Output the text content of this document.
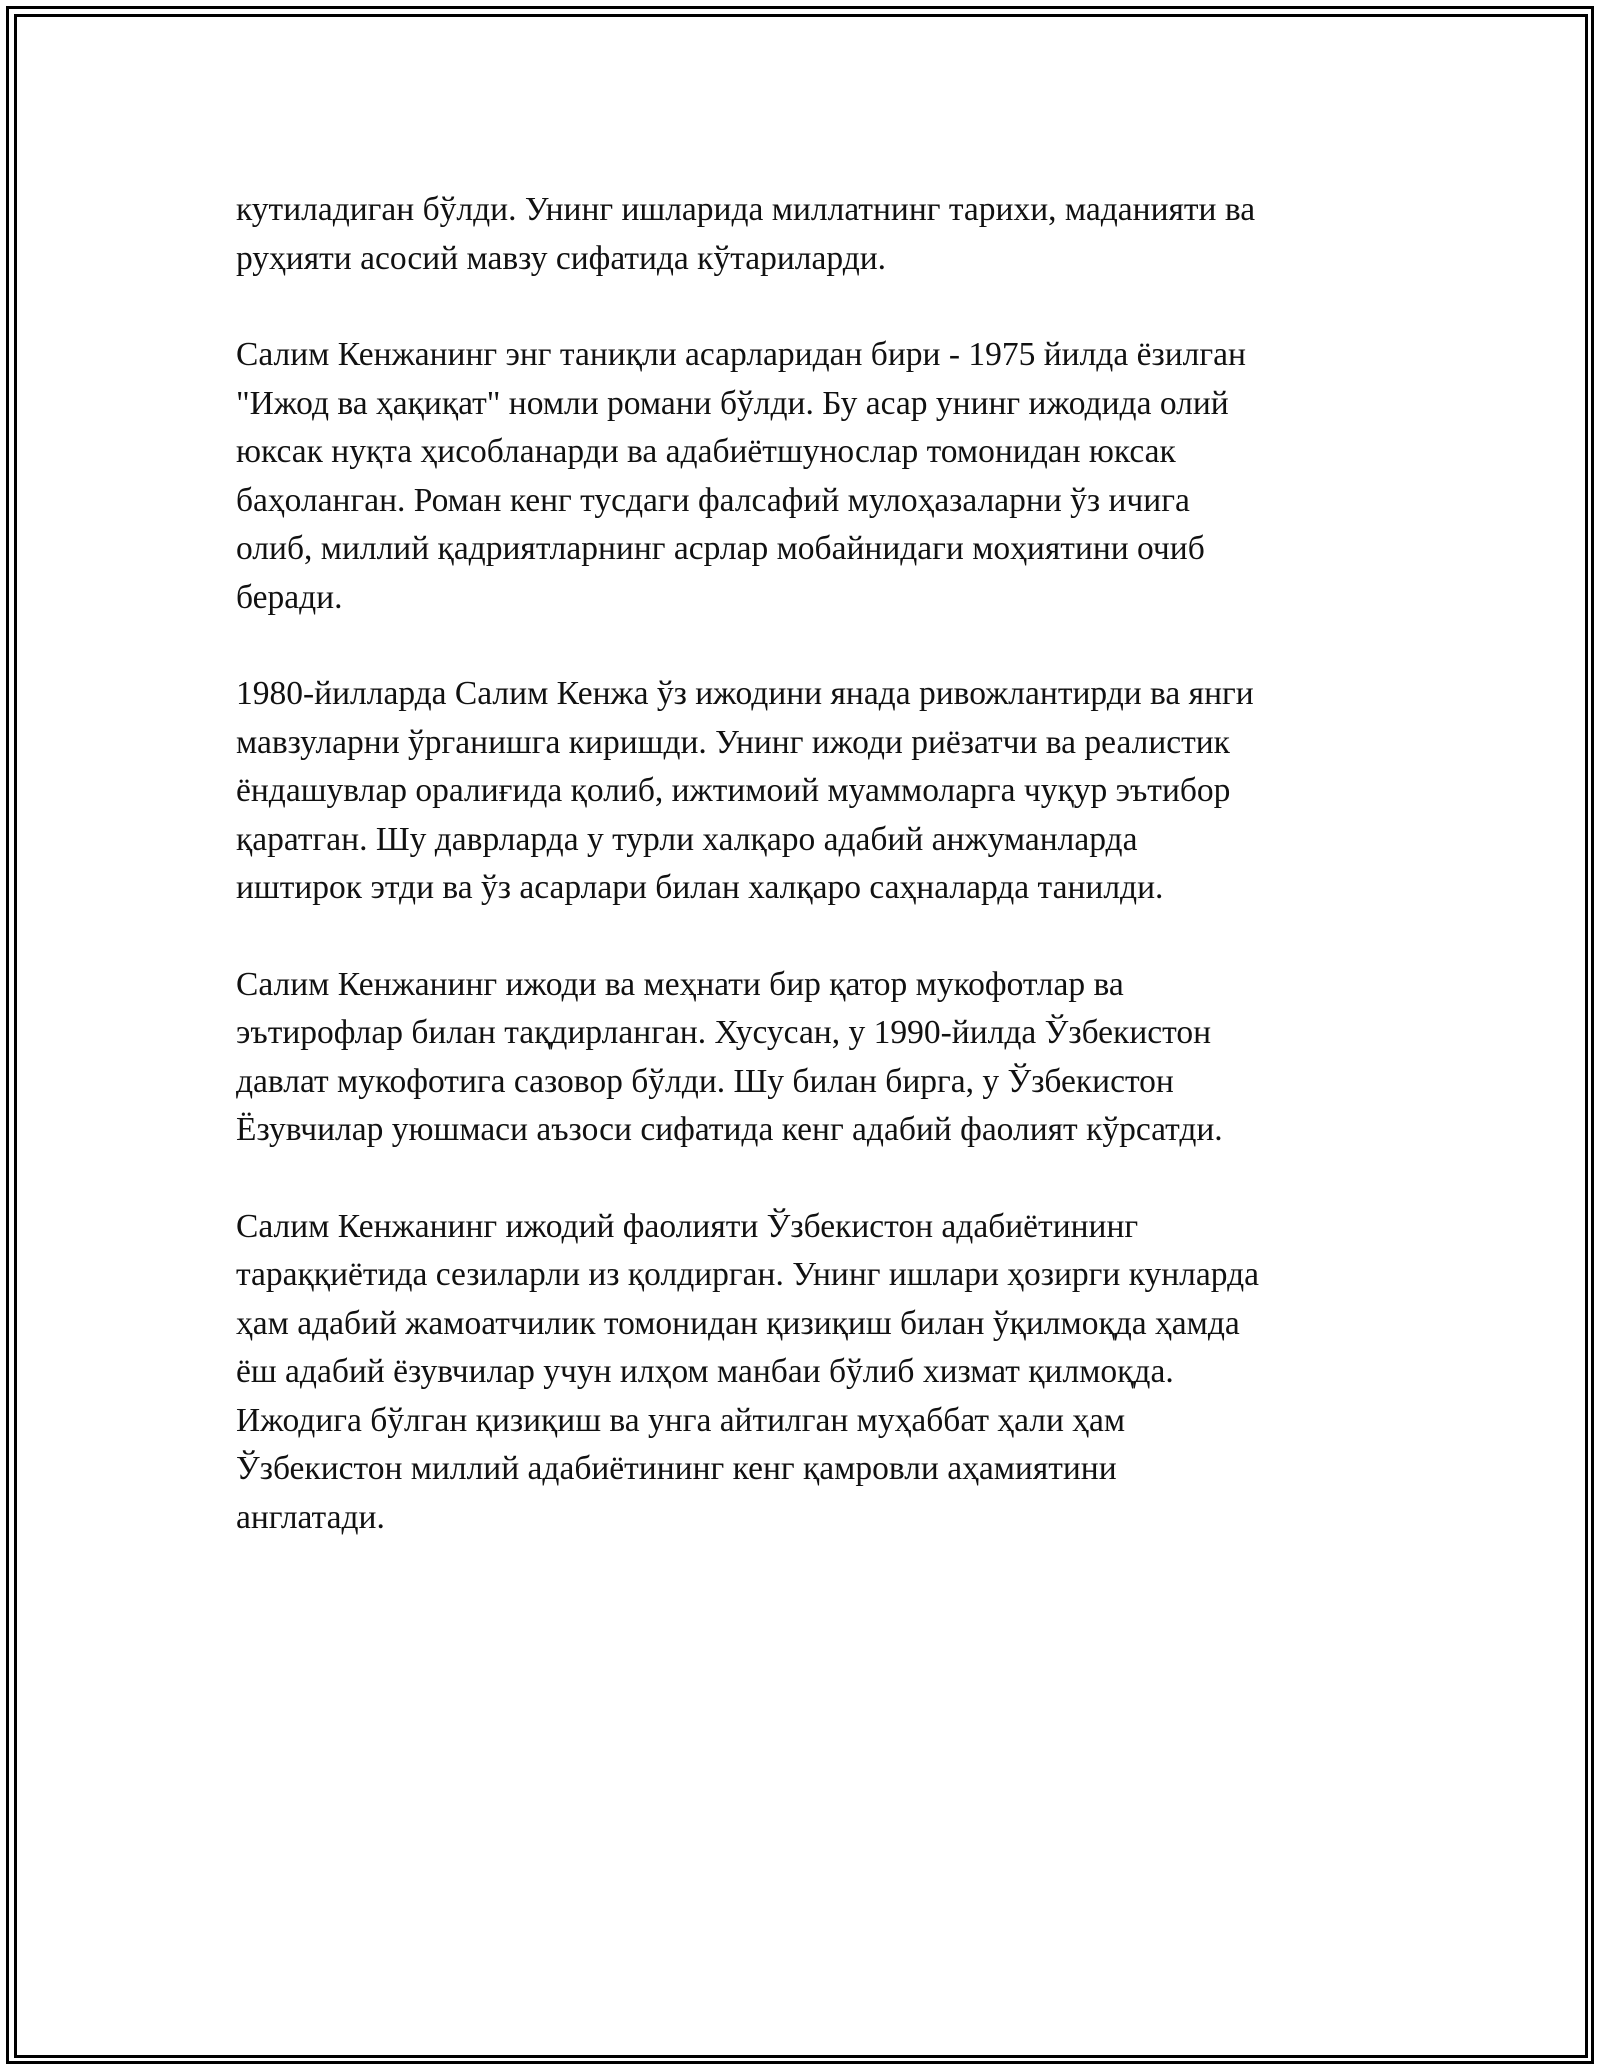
кутиладиган бўлди. Унинг ишларида миллатнинг тарихи, маданияти ва
руҳияти асосий мавзу сифатида кўтариларди.

Салим Кенжанинг энг таниқли асарларидан бири - 1975 йилда ёзилган
"Ижод ва ҳақиқат" номли романи бўлди. Бу асар унинг ижодида олий
юксак нуқта ҳисобланарди ва адабиётшунослар томонидан юксак
баҳоланган. Роман кенг тусдаги фалсафий мулоҳазаларни ўз ичига
олиб, миллий қадриятларнинг асрлар мобайнидаги моҳиятини очиб
беради.

1980-йилларда Салим Кенжа ўз ижодини янада ривожлантирди ва янги
мавзуларни ўрганишга киришди. Унинг ижоди риёзатчи ва реалистик
ёндашувлар оралиғида қолиб, ижтимоий муаммоларга чуқур эътибор
қаратган. Шу даврларда у турли халқаро адабий анжуманларда
иштирок этди ва ўз асарлари билан халқаро саҳналарда танилди.

Салим Кенжанинг ижоди ва меҳнати бир қатор мукофотлар ва
эътирофлар билан тақдирланган. Хусусан, у 1990-йилда Ўзбекистон
давлат мукофотига сазовор бўлди. Шу билан бирга, у Ўзбекистон
Ёзувчилар уюшмаси аъзоси сифатида кенг адабий фаолият кўрсатди.

Салим Кенжанинг ижодий фаолияти Ўзбекистон адабиётининг
тараққиётида сезиларли из қолдирган. Унинг ишлари ҳозирги кунларда
ҳам адабий жамоатчилик томонидан қизиқиш билан ўқилмоқда ҳамда
ёш адабий ёзувчилар учун илҳом манбаи бўлиб хизмат қилмоқда.
Ижодига бўлган қизиқиш ва унга айтилган муҳаббат ҳали ҳам
Ўзбекистон миллий адабиётининг кенг қамровли аҳамиятини
англатади.
